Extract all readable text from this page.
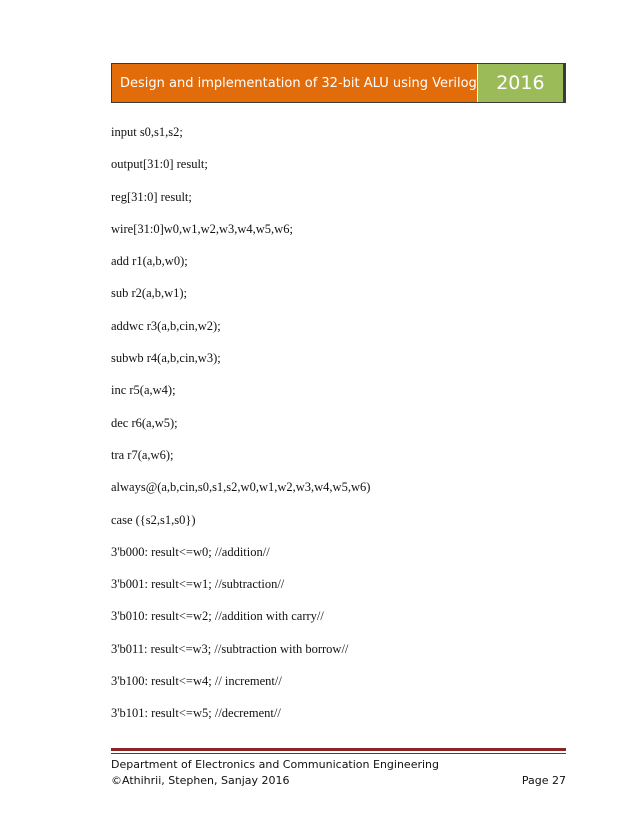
Design and implementation of 32-bit ALU using Verilog	2016
input s0,s1,s2;
output[31:0] result;
reg[31:0] result;
wire[31:0]w0,w1,w2,w3,w4,w5,w6;
add r1(a,b,w0);
sub r2(a,b,w1);
addwc r3(a,b,cin,w2);
subwb r4(a,b,cin,w3);
inc r5(a,w4);
dec r6(a,w5);
tra r7(a,w6);
always@(a,b,cin,s0,s1,s2,w0,w1,w2,w3,w4,w5,w6)
case ({s2,s1,s0})
3'b000: result<=w0; //addition//
3'b001: result<=w1; //subtraction//
3'b010: result<=w2; //addition with carry//
3'b011: result<=w3; //subtraction with borrow//
3'b100: result<=w4; // increment//
3'b101: result<=w5; //decrement//
Department of Electronics and Communication Engineering
©Athihrii, Stephen, Sanjay 2016	Page 27
